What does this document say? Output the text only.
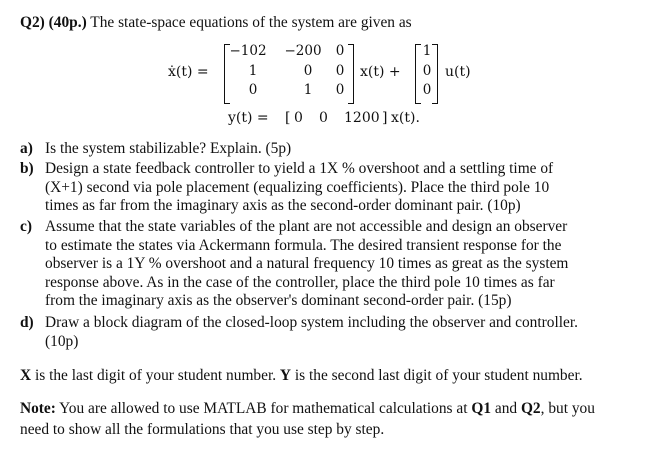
Q2) (40p.) The state-space equations of the system are given as
ẋ(t) =
−102 −200	0
1	0	0
0	1	0
x(t) +
1
0
0
u(t)
y(t) = [ 0 0 1200 ] x(t).
a) Is the system stabilizable? Explain. (5p)
b) Design a state feedback controller to yield a 1X % overshoot and a settling time of
(X+1) second via pole placement (equalizing coefficients). Place the third pole 10
times as far from the imaginary axis as the second-order dominant pair. (10p)
c) Assume that the state variables of the plant are not accessible and design an observer
to estimate the states via Ackermann formula. The desired transient response for the
observer is a 1Y % overshoot and a natural frequency 10 times as great as the system
response above. As in the case of the controller, place the third pole 10 times as far
from the imaginary axis as the observer's dominant second-order pair. (15p)
d) Draw a block diagram of the closed-loop system including the observer and controller.
(10p)
X is the last digit of your student number. Y is the second last digit of your student number.
Note: You are allowed to use MATLAB for mathematical calculations at Q1 and Q2, but you
need to show all the formulations that you use step by step.
